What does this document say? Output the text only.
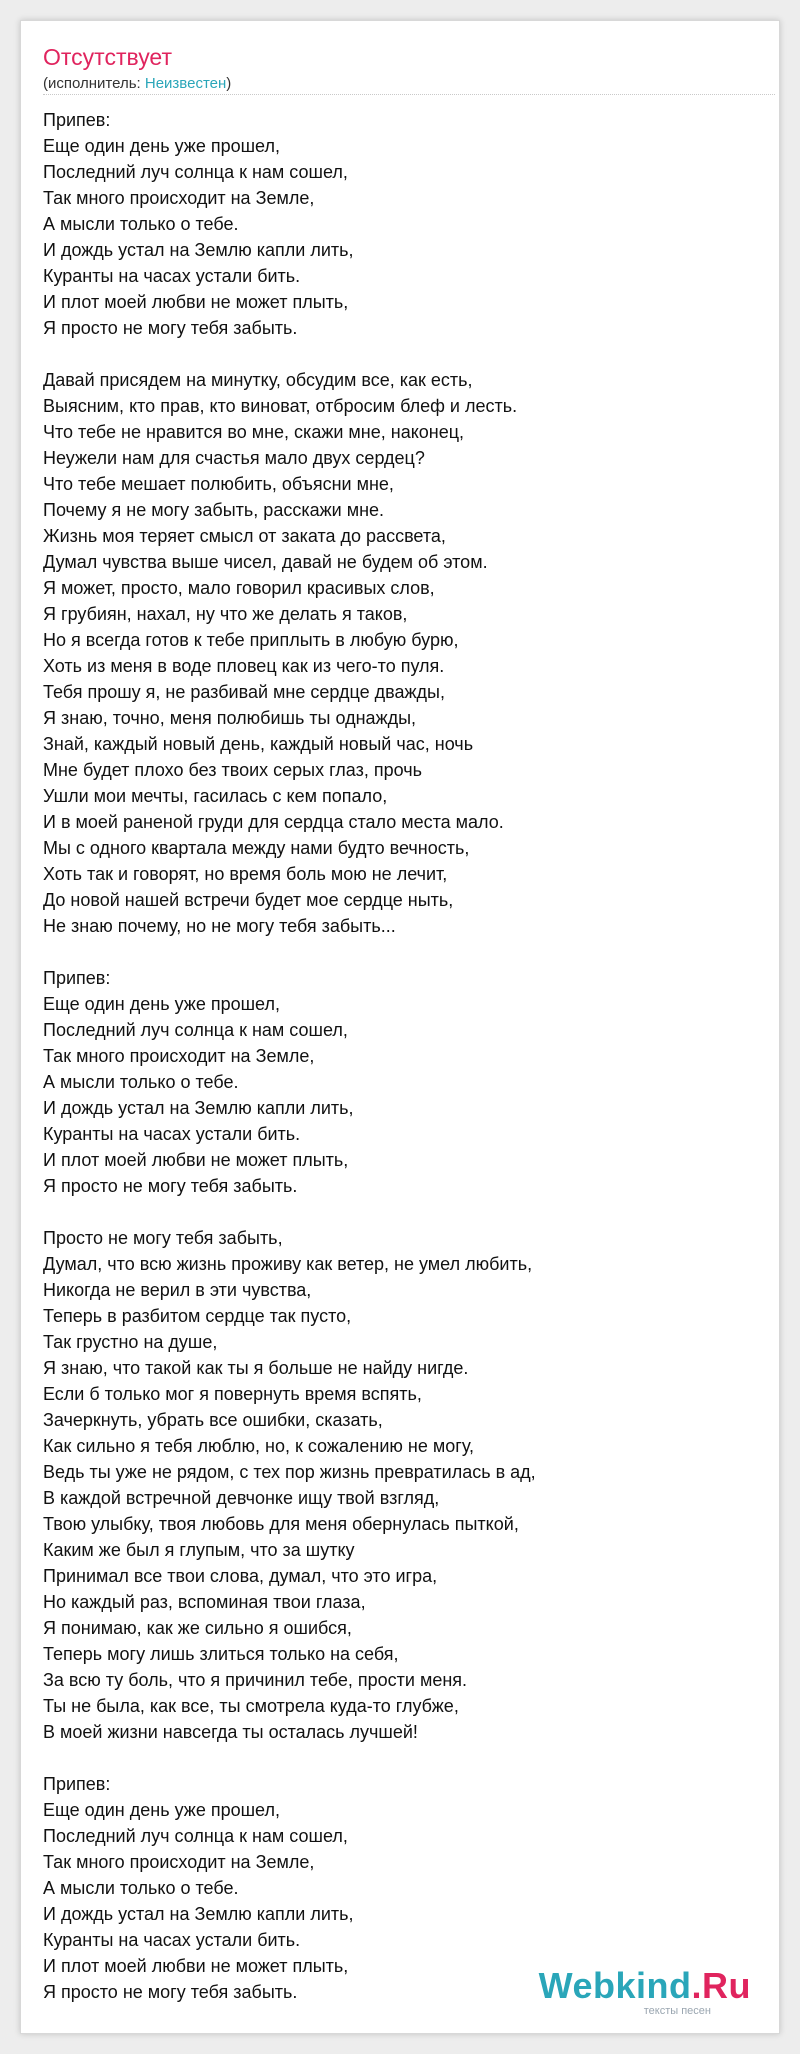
Отсутствует
(исполнитель: Неизвестен)
Припев:
Еще один день уже прошел,
Последний луч солнца к нам сошел,
Так много происходит на Земле,
А мысли только о тебе.
И дождь устал на Землю капли лить,
Куранты на часах устали бить.
И плот моей любви не может плыть,
Я просто не могу тебя забыть.
Давай присядем на минутку, обсудим все, как есть,
Выясним, кто прав, кто виноват, отбросим блеф и лесть.
Что тебе не нравится во мне, скажи мне, наконец,
Неужели нам для счастья мало двух сердец?
Что тебе мешает полюбить, объясни мне,
Почему я не могу забыть, расскажи мне.
Жизнь моя теряет смысл от заката до рассвета,
Думал чувства выше чисел, давай не будем об этом.
Я может, просто, мало говорил красивых слов,
Я грубиян, нахал, ну что же делать я таков,
Но я всегда готов к тебе приплыть в любую бурю,
Хоть из меня в воде пловец как из чего-то пуля.
Тебя прошу я, не разбивай мне сердце дважды,
Я знаю, точно, меня полюбишь ты однажды,
Знай, каждый новый день, каждый новый час, ночь
Мне будет плохо без твоих серых глаз, прочь
Ушли мои мечты, гасилась с кем попало,
И в моей раненой груди для сердца стало места мало.
Мы с одного квартала между нами будто вечность,
Хоть так и говорят, но время боль мою не лечит,
До новой нашей встречи будет мое сердце ныть,
Не знаю почему, но не могу тебя забыть...
Припев:
Еще один день уже прошел,
Последний луч солнца к нам сошел,
Так много происходит на Земле,
А мысли только о тебе.
И дождь устал на Землю капли лить,
Куранты на часах устали бить.
И плот моей любви не может плыть,
Я просто не могу тебя забыть.
Просто не могу тебя забыть,
Думал, что всю жизнь проживу как ветер, не умел любить,
Никогда не верил в эти чувства,
Теперь в разбитом сердце так пусто,
Так грустно на душе,
Я знаю, что такой как ты я больше не найду нигде.
Если б только мог я повернуть время вспять,
Зачеркнуть, убрать все ошибки, сказать,
Как сильно я тебя люблю, но, к сожалению не могу,
Ведь ты уже не рядом, с тех пор жизнь превратилась в ад,
В каждой встречной девчонке ищу твой взгляд,
Твою улыбку, твоя любовь для меня обернулась пыткой,
Каким же был я глупым, что за шутку
Принимал все твои слова, думал, что это игра,
Но каждый раз, вспоминая твои глаза,
Я понимаю, как же сильно я ошибся,
Теперь могу лишь злиться только на себя,
За всю ту боль, что я причинил тебе, прости меня.
Ты не была, как все, ты смотрела куда-то глубже,
В моей жизни навсегда ты осталась лучшей!
Припев:
Еще один день уже прошел,
Последний луч солнца к нам сошел,
Так много происходит на Земле,
А мысли только о тебе.
И дождь устал на Землю капли лить,
Куранты на часах устали бить.
И плот моей любви не может плыть,
Я просто не могу тебя забыть.	Webkind.Ru
тексты песен
